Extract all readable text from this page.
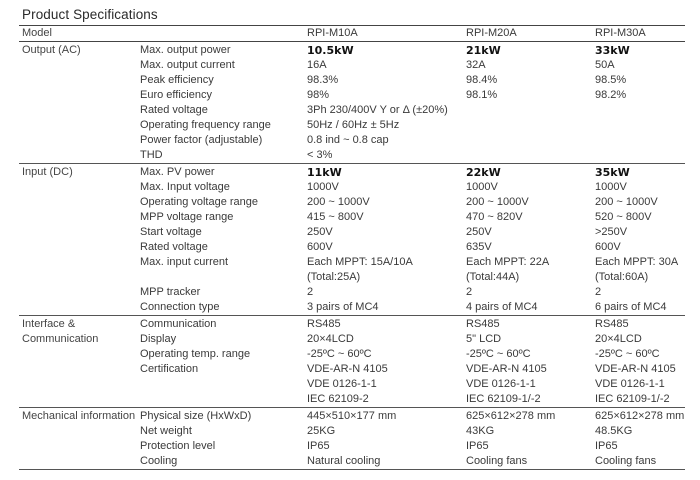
Product Specifications
Model	RPI-M10A	RPI-M20A	RPI-M30A
Output (AC)	Max. output power	10.5kW	21kW	33kW
Max. output current	16A	32A	50A
Peak efficiency	98.3%	98.4%	98.5%
Euro efficiency	98%	98.1%	98.2%
Rated voltage	3Ph 230/400V Y or Δ (±20%)
Operating frequency range	50Hz / 60Hz ± 5Hz
Power factor (adjustable)	0.8 ind ~ 0.8 cap
THD	< 3%
Input (DC)	Max. PV power	11kW	22kW	35kW
Max. Input voltage	1000V	1000V	1000V
Operating voltage range	200 ~ 1000V	200 ~ 1000V	200 ~ 1000V
MPP voltage range	415 ~ 800V	470 ~ 820V	520 ~ 800V
Start voltage	250V	250V	>250V
Rated voltage	600V	635V	600V
Max. input current	Each MPPT: 15A/10A	Each MPPT: 22A	Each MPPT: 30A
(Total:25A)	(Total:44A)	(Total:60A)
MPP tracker	2	2	2
Connection type	3 pairs of MC4	4 pairs of MC4	6 pairs of MC4
Interface &	Communication	RS485	RS485	RS485
Communication	Display	20×4LCD	5" LCD	20×4LCD
Operating temp. range	-25ºC ~ 60ºC	-25ºC ~ 60ºC	-25ºC ~ 60ºC
Certification	VDE-AR-N 4105	VDE-AR-N 4105	VDE-AR-N 4105
VDE 0126-1-1	VDE 0126-1-1	VDE 0126-1-1
IEC 62109-2	IEC 62109-1/-2	IEC 62109-1/-2
Mechanical information Physical size (HxWxD)	445×510×177 mm	625×612×278 mm	625×612×278 mm
Net weight	25KG	43KG	48.5KG
Protection level	IP65	IP65	IP65
Cooling	Natural cooling	Cooling fans	Cooling fans
